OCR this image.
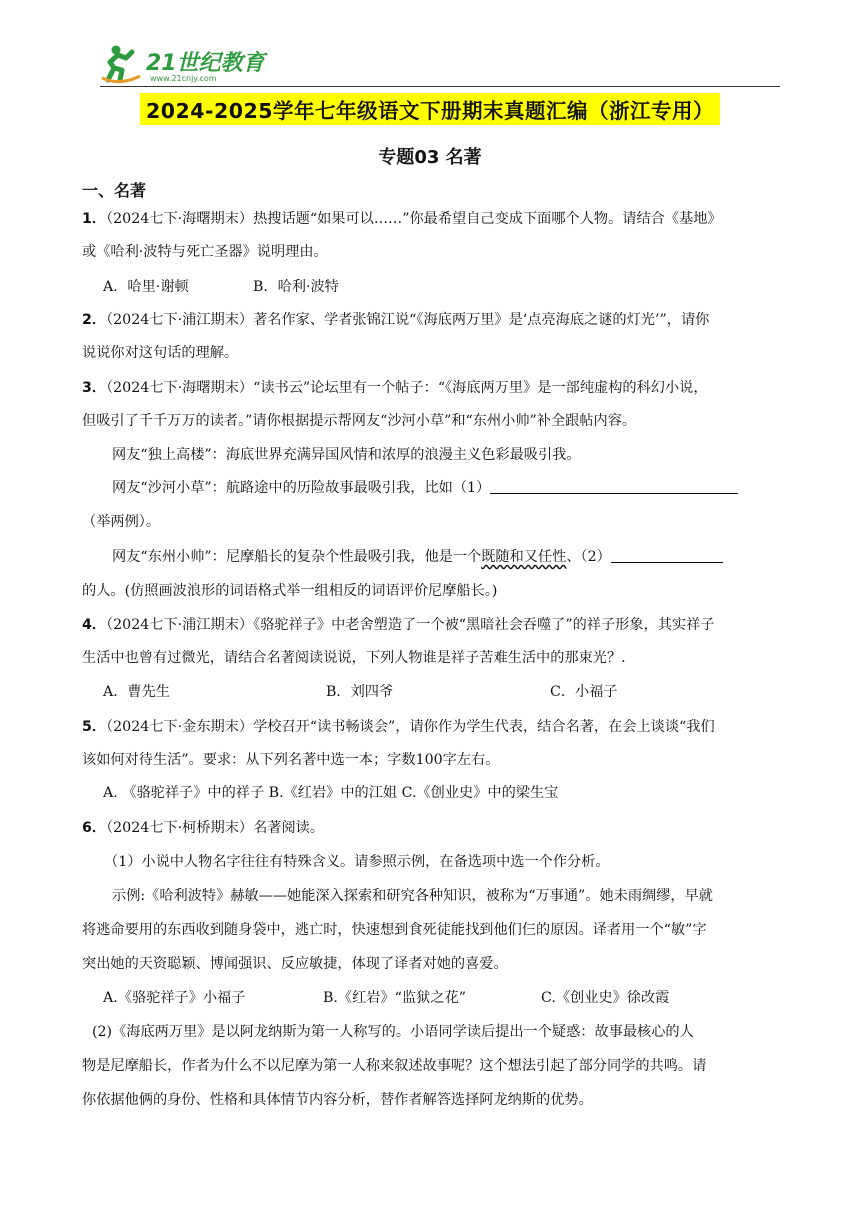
21世纪教育
www.21cnjy.com
2024-2025学年七年级语文下册期末真题汇编（浙江专用）
专题03 名著
一、名著
1．（2024七下·海曙期末）热搜话题“如果可以……”你最希望自己变成下面哪个人物。请结合《基地》
或《哈利·波特与死亡圣器》说明理由。
A．哈里·谢顿	B．哈利·波特
2．（2024七下·浦江期末）著名作家、学者张锦江说“《海底两万里》是‘点亮海底之谜的灯光’”，请你
说说你对这句话的理解。
3．（2024七下·海曙期末）“读书云”论坛里有一个帖子：“《海底两万里》是一部纯虚构的科幻小说，
但吸引了千千万万的读者。”请你根据提示帮网友“沙河小草”和“东州小帅”补全跟帖内容。
网友“独上高楼”：海底世界充满异国风情和浓厚的浪漫主义色彩最吸引我。
网友“沙河小草”：航路途中的历险故事最吸引我，比如（1）
（举两例）。
网友“东州小帅”：尼摩船长的复杂个性最吸引我，他是一个既随和又任性、（2）
的人。(仿照画波浪形的词语格式举一组相反的词语评价尼摩船长。)
4．（2024七下·浦江期末）《骆驼祥子》中老舍塑造了一个被“黑暗社会吞噬了”的祥子形象，其实祥子
生活中也曾有过微光，请结合名著阅读说说，下列人物谁是祥子苦难生活中的那束光？.
A．曹先生	B．刘四爷	C．小福子
5．（2024七下·金东期末）学校召开“读书畅谈会”，请你作为学生代表，结合名著，在会上谈谈“我们
该如何对待生活”。要求：从下列名著中选一本；字数100字左右。
A. 《骆驼祥子》中的祥子 B.《红岩》中的江姐 C.《创业史》中的梁生宝
6．（2024七下·柯桥期末）名著阅读。
（1）小说中人物名字往往有特殊含义。请参照示例，在备选项中选一个作分析。
示例:《哈利波特》赫敏——她能深入探索和研究各种知识，被称为“万事通”。她未雨绸缪，早就
将逃命要用的东西收到随身袋中，逃亡时，快速想到食死徒能找到他们仨的原因。译者用一个“敏”字
突出她的天资聪颖、博闻强识、反应敏捷，体现了译者对她的喜爱。
A.《骆驼祥子》小福子	B.《红岩》“监狱之花”	C.《创业史》徐改霞
(2)《海底两万里》是以阿龙纳斯为第一人称写的。小语同学读后提出一个疑惑：故事最核心的人
物是尼摩船长，作者为什么不以尼摩为第一人称来叙述故事呢？这个想法引起了部分同学的共鸣。请
你依据他俩的身份、性格和具体情节内容分析，替作者解答选择阿龙纳斯的优势。
